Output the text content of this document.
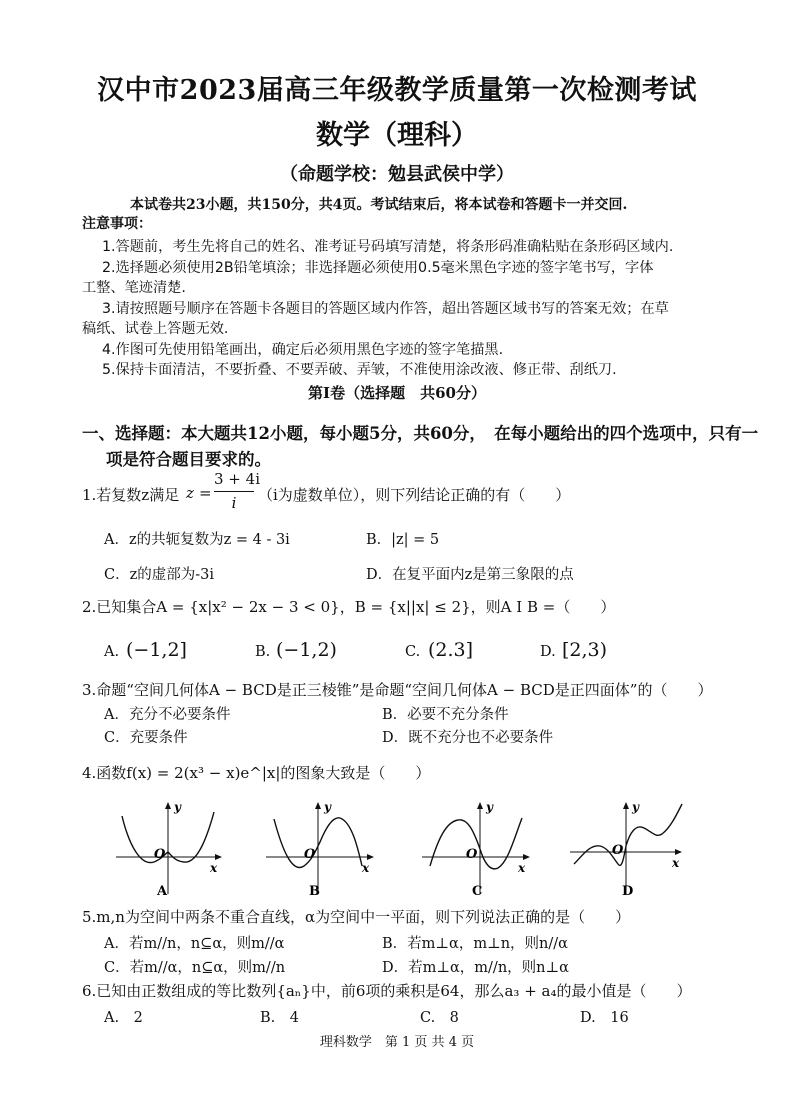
汉中市2023届高三年级教学质量第一次检测考试
数学（理科）
（命题学校：勉县武侯中学）
本试卷共23小题，共150分，共4页。考试结束后，将本试卷和答题卡一并交回.
注意事项：
1.答题前，考生先将自己的姓名、准考证号码填写清楚，将条形码准确粘贴在条形码区域内.
2.选择题必须使用2B铅笔填涂；非选择题必须使用0.5毫米黑色字迹的签字笔书写，字体
工整、笔迹清楚.
3.请按照题号顺序在答题卡各题目的答题区域内作答，超出答题区域书写的答案无效；在草
稿纸、试卷上答题无效.
4.作图可先使用铅笔画出，确定后必须用黑色字迹的签字笔描黑.
5.保持卡面清洁，不要折叠、不要弄破、弄皱，不准使用涂改液、修正带、刮纸刀.
第Ⅰ卷（选择题　共60分）
一、选择题：本大题共12小题，每小题5分，共60分，　在每小题给出的四个选项中，只有一
项是符合题目要求的。
1.若复数z满足 z =
3 + 4i
i	（i为虚数单位），则下列结论正确的有（　　）
A．z的共轭复数为z = 4 - 3i	B．|z| = 5
C．z的虚部为-3i	D．在复平面内z是第三象限的点
2.已知集合A = {x|x² − 2x − 3 < 0}，B = {x||x| ≤ 2}，则A I B =（　　）
A. (−1,2]	B. (−1,2)	C. (2.3]	D. [2,3)
3.命题“空间几何体A − BCD是正三棱锥”是命题“空间几何体A − BCD是正四面体”的（　　）
A．充分不必要条件	B．必要不充分条件
C．充要条件	D．既不充分也不必要条件
4.函数f(x) = 2(x³ − x)e^|x|的图象大致是（　　）
y
x
O
A
y
x
O
B
y
x
O
C
y
x
O
D
5.m,n为空间中两条不重合直线，α为空间中一平面，则下列说法正确的是（　　）
A．若m//n，n⊆α，则m//α	B．若m⊥α，m⊥n，则n//α
C．若m//α，n⊆α，则m//n	D．若m⊥α，m//n，则n⊥α
6.已知由正数组成的等比数列{aₙ}中，前6项的乘积是64，那么a₃ + a₄的最小值是（　　）
A.　2	B.　4	C.　8	D.　16
理科数学　第 1 页 共 4 页
